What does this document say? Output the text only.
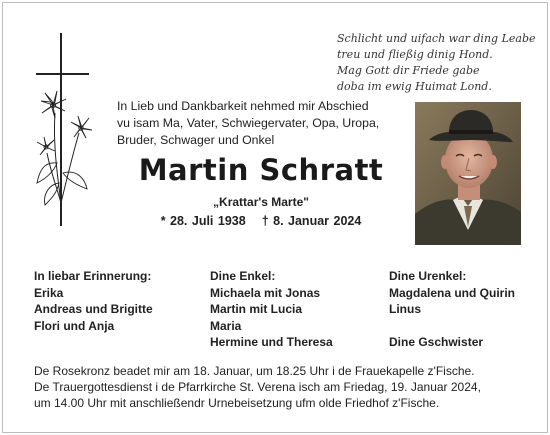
Schlicht und uifach war ding Leabe
treu und fließig dinig Hond.
Mag Gott dir Friede gabe
doba im ewig Huimat Lond.
In Lieb und Dankbarkeit nehmed mir Abschied
vu isam Ma, Vater, Schwiegervater, Opa, Uropa,
Bruder, Schwager und Onkel
Martin Schratt
„Krattar's Marte"
* 28. Juli 1938 † 8. Januar 2024
In liebar Erinnerung:
Erika
Andreas und Brigitte
Flori und Anja
Dine Enkel:
Michaela mit Jonas
Martin mit Lucia
Maria
Hermine und Theresa
Dine Urenkel:
Magdalena und Quirin
Linus
Dine Gschwister
De Rosekronz beadet mir am 18. Januar, um 18.25 Uhr i de Frauekapelle z'Fische.
De Trauergottesdienst i de Pfarrkirche St. Verena isch am Friedag, 19. Januar 2024,
um 14.00 Uhr mit anschließendr Urnebeisetzung ufm olde Friedhof z'Fische.
